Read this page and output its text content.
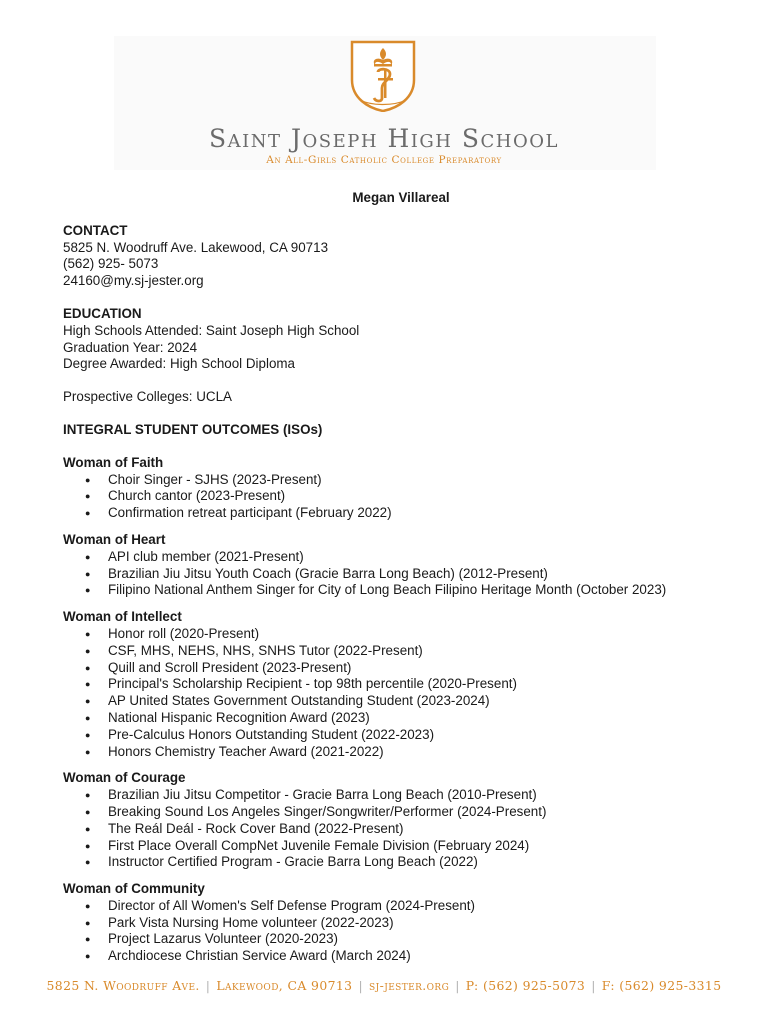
Saint Joseph High School
An All-Girls Catholic College Preparatory
Megan Villareal
CONTACT
5825 N. Woodruff Ave. Lakewood, CA 90713
(562) 925- 5073
24160@my.sj-jester.org
EDUCATION
High Schools Attended: Saint Joseph High School
Graduation Year: 2024
Degree Awarded: High School Diploma
Prospective Colleges: UCLA
INTEGRAL STUDENT OUTCOMES (ISOs)
Woman of Faith
● Choir Singer - SJHS (2023-Present)
● Church cantor (2023-Present)
● Confirmation retreat participant (February 2022)
Woman of Heart
● API club member (2021-Present)
● Brazilian Jiu Jitsu Youth Coach (Gracie Barra Long Beach) (2012-Present)
● Filipino National Anthem Singer for City of Long Beach Filipino Heritage Month (October 2023)
Woman of Intellect
● Honor roll (2020-Present)
● CSF, MHS, NEHS, NHS, SNHS Tutor (2022-Present)
● Quill and Scroll President (2023-Present)
● Principal's Scholarship Recipient - top 98th percentile (2020-Present)
● AP United States Government Outstanding Student (2023-2024)
● National Hispanic Recognition Award (2023)
● Pre-Calculus Honors Outstanding Student (2022-2023)
● Honors Chemistry Teacher Award (2021-2022)
Woman of Courage
● Brazilian Jiu Jitsu Competitor - Gracie Barra Long Beach (2010-Present)
● Breaking Sound Los Angeles Singer/Songwriter/Performer (2024-Present)
● The Reál Deál - Rock Cover Band (2022-Present)
● First Place Overall CompNet Juvenile Female Division (February 2024)
● Instructor Certified Program - Gracie Barra Long Beach (2022)
Woman of Community
● Director of All Women's Self Defense Program (2024-Present)
● Park Vista Nursing Home volunteer (2022-2023)
● Project Lazarus Volunteer (2020-2023)
● Archdiocese Christian Service Award (March 2024)
5825 N. Woodruff Ave. | Lakewood, CA 90713 | sj-jester.org | P: (562) 925-5073 | F: (562) 925-3315
